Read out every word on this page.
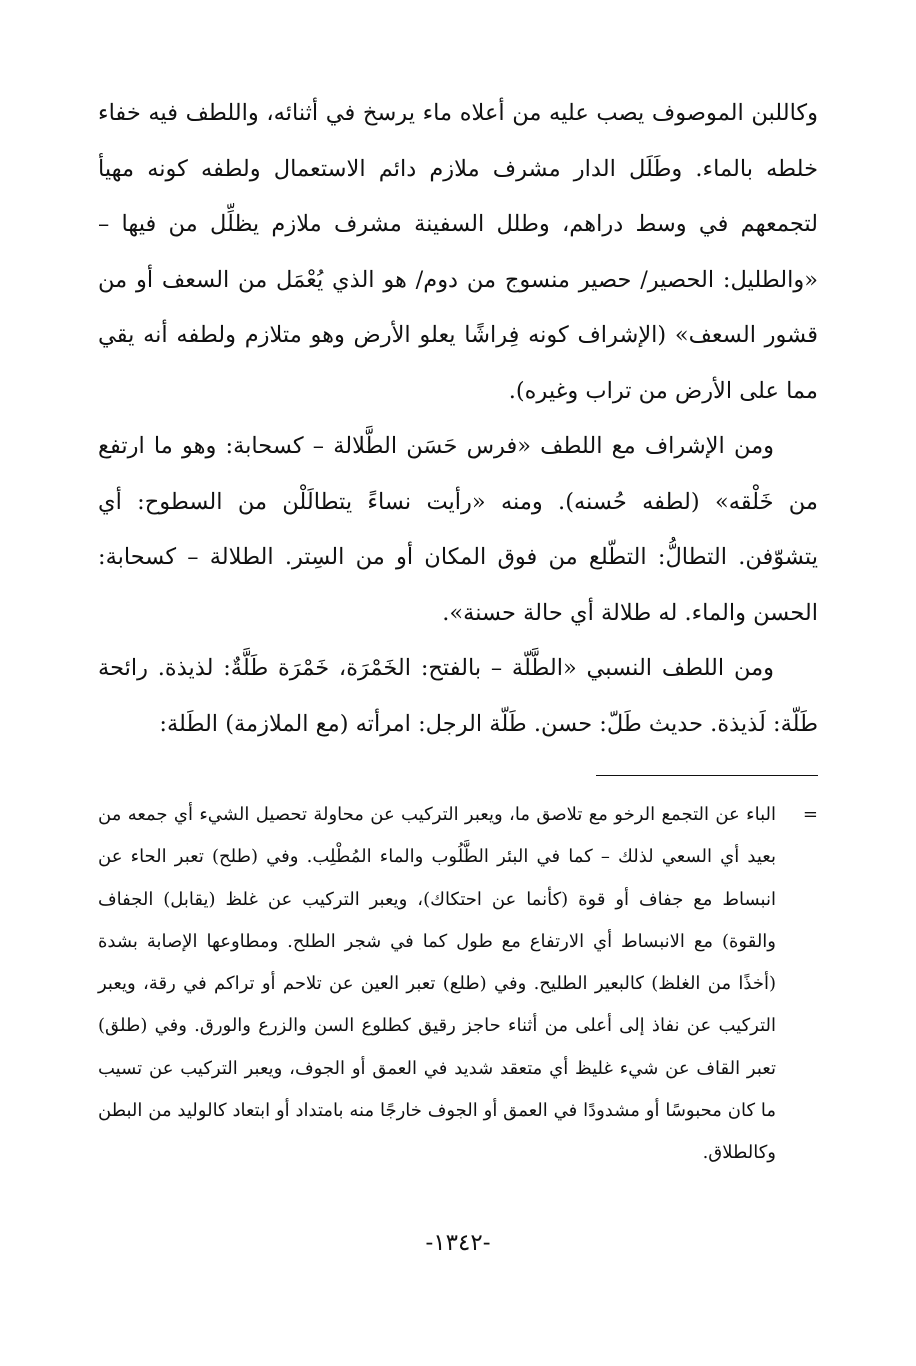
وكاللبن الموصوف يصب عليه من أعلاه ماء يرسخ في أثنائه، واللطف فيه خفاء خلطه بالماء. وطَلَل الدار مشرف ملازم دائم الاستعمال ولطفه كونه مهيأ لتجمعهم في وسط دراهم، وطلل السفينة مشرف ملازم يظلِّل من فيها – «والطليل: الحصير/ حصير منسوج من دوم/ هو الذي يُعْمَل من السعف أو من قشور السعف» (الإشراف كونه فِراشًا يعلو الأرض وهو متلازم ولطفه أنه يقي مما على الأرض من تراب وغيره).

ومن الإشراف مع اللطف «فرس حَسَن الطَّلالة – كسحابة: وهو ما ارتفع من خَلْقه» (لطفه حُسنه). ومنه «رأيت نساءً يتطالَلْن من السطوح: أي يتشوّفن. التطالُّ: التطّلع من فوق المكان أو من السِتر. الطلالة – كسحابة: الحسن والماء. له طلالة أي حالة حسنة».

ومن اللطف النسبي «الطَّلّة – بالفتح: الخَمْرَة، خَمْرَة طَلَّةٌ: لذيذة. رائحة طَلّة: لَذيذة. حديث طَلّ: حسن. طَلّة الرجل: امرأته (مع الملازمة) الطَلة:

=
الباء عن التجمع الرخو مع تلاصق ما، ويعبر التركيب عن محاولة تحصيل الشيء أي جمعه من بعيد أي السعي لذلك – كما في البئر الطَّلُوب والماء المُطْلِب. وفي (طلح) تعبر الحاء عن انبساط مع جفاف أو قوة (كأنما عن احتكاك)، ويعبر التركيب عن غلظ (يقابل) الجفاف والقوة) مع الانبساط أي الارتفاع مع طول كما في شجر الطلح. ومطاوعها الإصابة بشدة (أخذًا من الغلظ) كالبعير الطليح. وفي (طلع) تعبر العين عن تلاحم أو تراكم في رقة، ويعبر التركيب عن نفاذ إلى أعلى من أثناء حاجز رقيق كطلوع السن والزرع والورق. وفي (طلق) تعبر القاف عن شيء غليظ أي متعقد شديد في العمق أو الجوف، ويعبر التركيب عن تسيب ما كان محبوسًا أو مشدودًا في العمق أو الجوف خارجًا منه بامتداد أو ابتعاد كالوليد من البطن وكالطلاق.
-١٣٤٢-
